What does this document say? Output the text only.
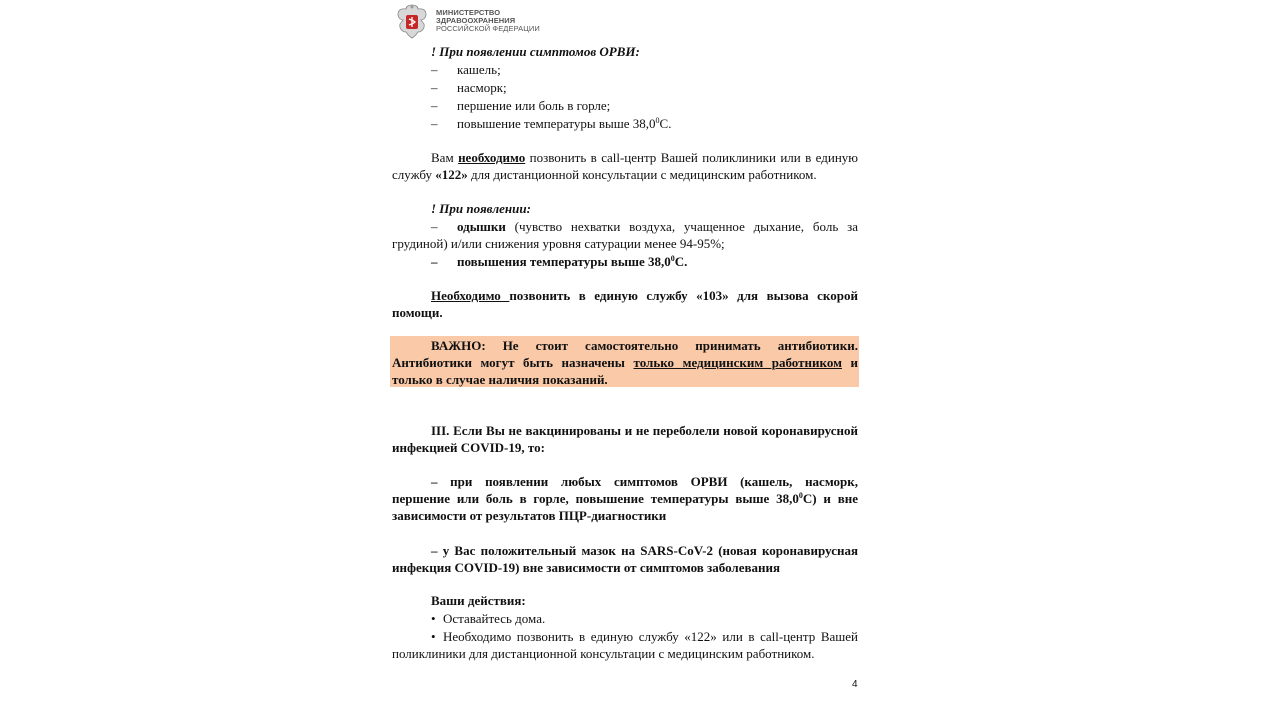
МИНИСТЕРСТВО
ЗДРАВООХРАНЕНИЯ
РОССИЙСКОЙ ФЕДЕРАЦИИ
! При появлении симптомов ОРВИ:
– кашель;
– насморк;
– першение или боль в горле;
– повышение температуры выше 38,0$^0$С.
Вам необходимо позвонить в call-центр Вашей поликлиники или в единую
службу «122» для дистанционной консультации с медицинским работником.
! При появлении:
– одышки (чувство нехватки воздуха, учащенное дыхание, боль за
грудиной) и/или снижения уровня сатурации менее 94-95%;
– повышения температуры выше 38,0$^0$С.
Необходимо позвонить в единую службу «103» для вызова скорой
помощи.
ВАЖНО: Не стоит самостоятельно принимать антибиотики.
Антибиотики могут быть назначены только медицинским работником и
только в случае наличия показаний.
III. Если Вы не вакцинированы и не переболели новой коронавирусной
инфекцией COVID-19, то:
– при появлении любых симптомов ОРВИ (кашель, насморк,
першение или боль в горле, повышение температуры выше 38,0$^0$С) и вне
зависимости от результатов ПЦР-диагностики
– у Вас положительный мазок на SARS-CoV-2 (новая коронавирусная
инфекция COVID-19) вне зависимости от симптомов заболевания
Ваши действия:
• Оставайтесь дома.
• Необходимо позвонить в единую службу «122» или в call-центр Вашей
поликлиники для дистанционной консультации с медицинским работником.
4
